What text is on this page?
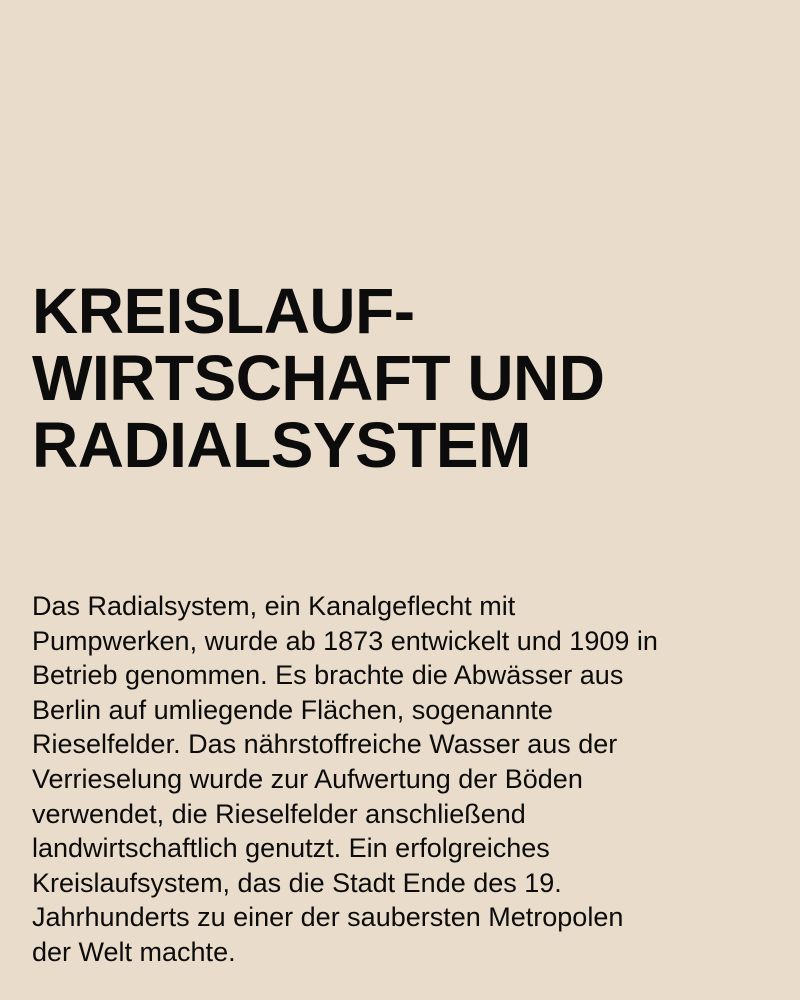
KREISLAUF-
WIRTSCHAFT UND
RADIALSYSTEM

Das Radialsystem, ein Kanalgeflecht mit
Pumpwerken, wurde ab 1873 entwickelt und 1909 in
Betrieb genommen. Es brachte die Abwässer aus
Berlin auf umliegende Flächen, sogenannte
Rieselfelder. Das nährstoffreiche Wasser aus der
Verrieselung wurde zur Aufwertung der Böden
verwendet, die Rieselfelder anschließend
landwirtschaftlich genutzt. Ein erfolgreiches
Kreislaufsystem, das die Stadt Ende des 19.
Jahrhunderts zu einer der saubersten Metropolen
der Welt machte.
